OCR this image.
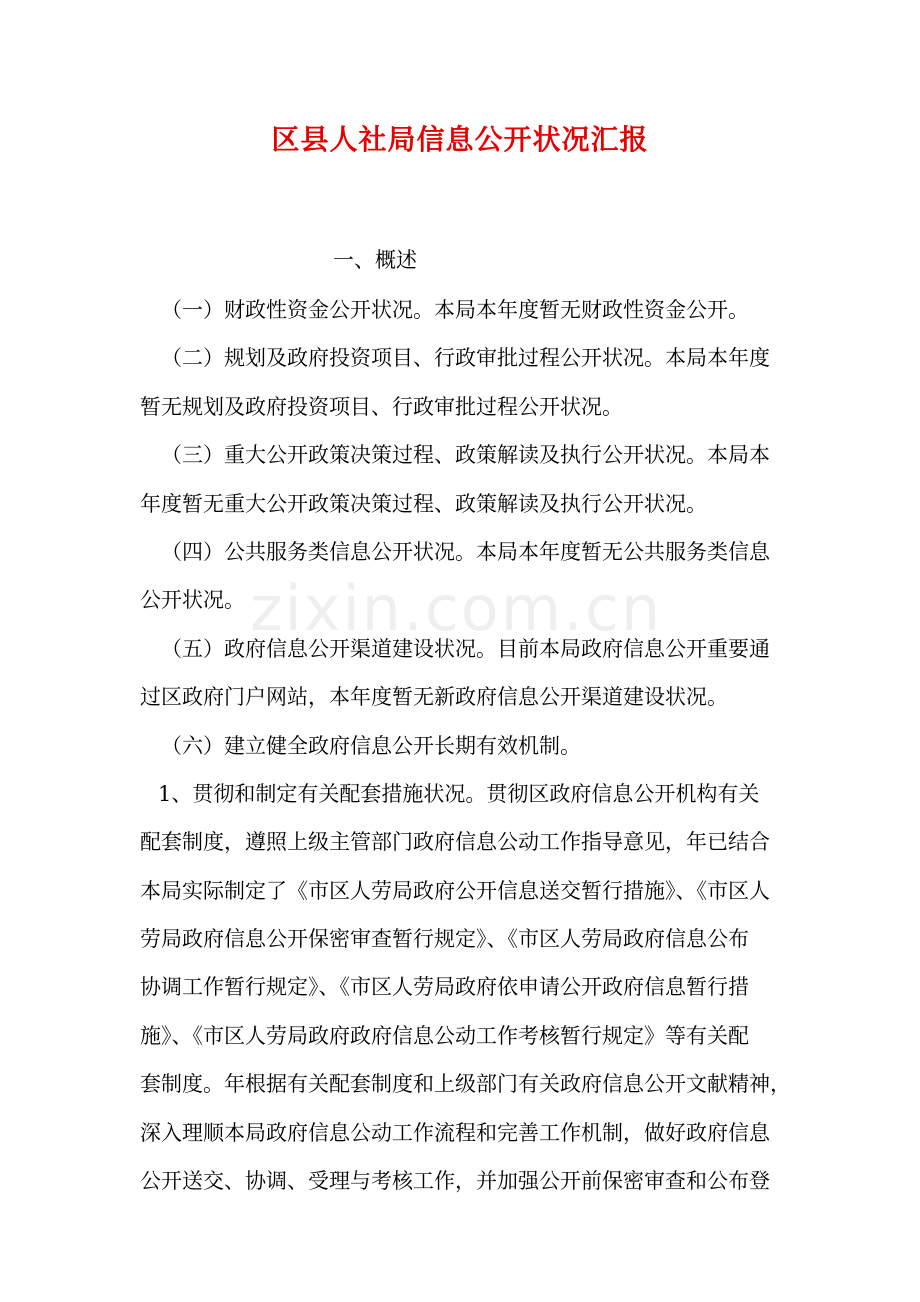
区县人社局信息公开状况汇报
一、概述
（一）财政性资金公开状况。本局本年度暂无财政性资金公开。
（二）规划及政府投资项目、行政审批过程公开状况。本局本年度
暂无规划及政府投资项目、行政审批过程公开状况。
（三）重大公开政策决策过程、政策解读及执行公开状况。本局本
年度暂无重大公开政策决策过程、政策解读及执行公开状况。
（四）公共服务类信息公开状况。本局本年度暂无公共服务类信息
公开状况。
（五）政府信息公开渠道建设状况。目前本局政府信息公开重要通
过区政府门户网站，本年度暂无新政府信息公开渠道建设状况。
（六）建立健全政府信息公开长期有效机制。
1、贯彻和制定有关配套措施状况。贯彻区政府信息公开机构有关
配套制度，遵照上级主管部门政府信息公动工作指导意见，年已结合
本局实际制定了《市区人劳局政府公开信息送交暂行措施》、《市区人
劳局政府信息公开保密审查暂行规定》、《市区人劳局政府信息公布
协调工作暂行规定》、《市区人劳局政府依申请公开政府信息暂行措
施》、《市区人劳局政府政府信息公动工作考核暂行规定》等有关配
套制度。年根据有关配套制度和上级部门有关政府信息公开文献精神，
深入理顺本局政府信息公动工作流程和完善工作机制，做好政府信息
公开送交、协调、受理与考核工作，并加强公开前保密审查和公布登
zixin.com.cn
